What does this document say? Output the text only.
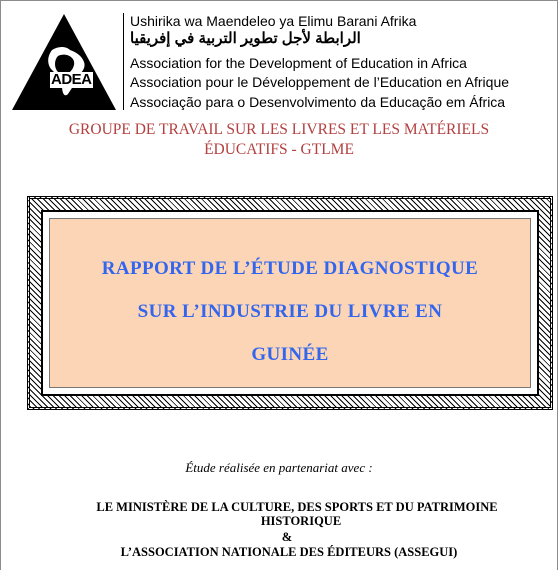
ADEA
Ushirika wa Maendeleo ya Elimu Barani Afrika
الرابطة لأجل تطوير التربية في إفريقيا
Association for the Development of Education in Africa
Association pour le Développement de l’Education en Afrique
Associação para o Desenvolvimento da Educação em África
GROUPE DE TRAVAIL SUR LES LIVRES ET LES MATÉRIELS
ÉDUCATIFS - GTLME
RAPPORT DE L’ÉTUDE DIAGNOSTIQUE
SUR L’INDUSTRIE DU LIVRE EN
GUINÉE
Étude réalisée en partenariat avec :
LE MINISTÈRE DE LA CULTURE, DES SPORTS ET DU PATRIMOINE
HISTORIQUE
&
L’ASSOCIATION NATIONALE DES ÉDITEURS (ASSEGUI)
